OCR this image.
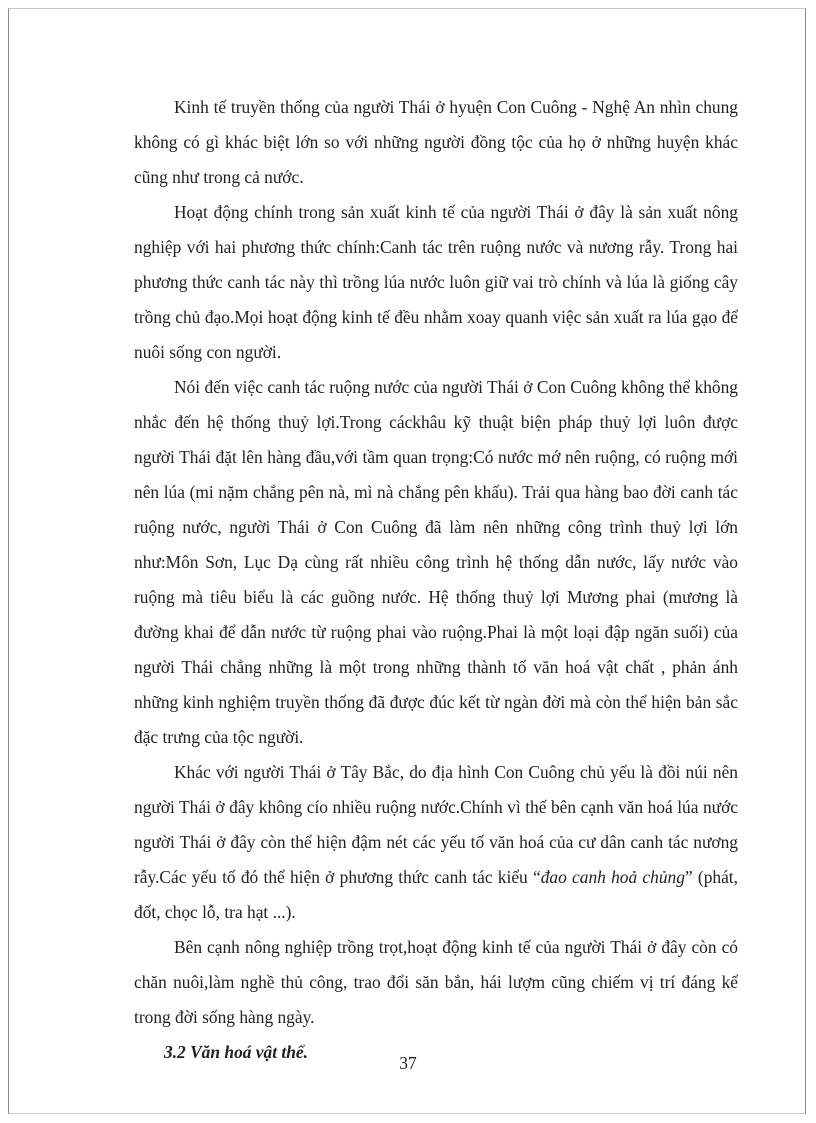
Kinh tế truyền thống của người Thái ở hyuện Con Cuông - Nghệ An nhìn chung không có gì khác biệt lớn so với những người đồng tộc của họ ở những huyện khác cũng như trong cả nước.

Hoạt động chính trong sản xuất kinh tế của người Thái ở đây là sản xuất nông nghiệp với hai phương thức chính:Canh tác trên ruộng nước và nương rẫy. Trong hai phương thức canh tác này thì trồng lúa nước luôn giữ vai trò chính và lúa là giống cây trồng chủ đạo.Mọi hoạt động kinh tế đều nhằm xoay quanh việc sản xuất ra lúa gạo để nuôi sống con người.

Nói đến việc canh tác ruộng nước của người Thái ở Con Cuông không thể không nhắc đến hệ thống thuỷ lợi.Trong cáckhâu kỹ thuật biện pháp thuỷ lợi luôn được người Thái đặt lên hàng đầu,với tầm quan trọng:Có nước mớ nên ruộng, có ruộng mới nên lúa (mi nặm chắng pên nà, mì nà chắng pên khấu). Trải qua hàng bao đời canh tác ruộng nước, người Thái ở Con Cuông đã làm nên những công trình thuỷ lợi lớn như:Môn Sơn, Lục Dạ cùng rất nhiều công trình hệ thống dẫn nước, lấy nước vào ruộng mà tiêu biểu là các guồng nước. Hệ thống thuỷ lợi Mương phai (mương là đường khai để dẫn nước từ ruộng phai vào ruộng.Phai là một loại đập ngăn suối) của người Thái chẳng những là một trong những thành tố văn hoá vật chất , phản ánh những kinh nghiệm truyền thống đã được đúc kết từ ngàn đời mà còn thể hiện bản sắc đặc trưng của tộc người.

Khác với người Thái ở Tây Bắc, do địa hình Con Cuông chủ yếu là đồi núi nên người Thái ở đây không cío nhiều ruộng nước.Chính vì thế bên cạnh văn hoá lúa nước người Thái ở đây còn thể hiện đậm nét các yếu tố văn hoá của cư dân canh tác nương rẫy.Các yếu tố đó thể hiện ở phương thức canh tác kiểu “đao canh hoả chủng” (phát, đốt, chọc lỗ, tra hạt ...).

Bên cạnh nông nghiệp trồng trọt,hoạt động kinh tế của người Thái ở đây còn có chăn nuôi,làm nghề thủ công, trao đổi săn bắn, hái lượm cũng chiếm vị trí đáng kể trong đời sống hàng ngày.

3.2 Văn hoá vật thể.

37
